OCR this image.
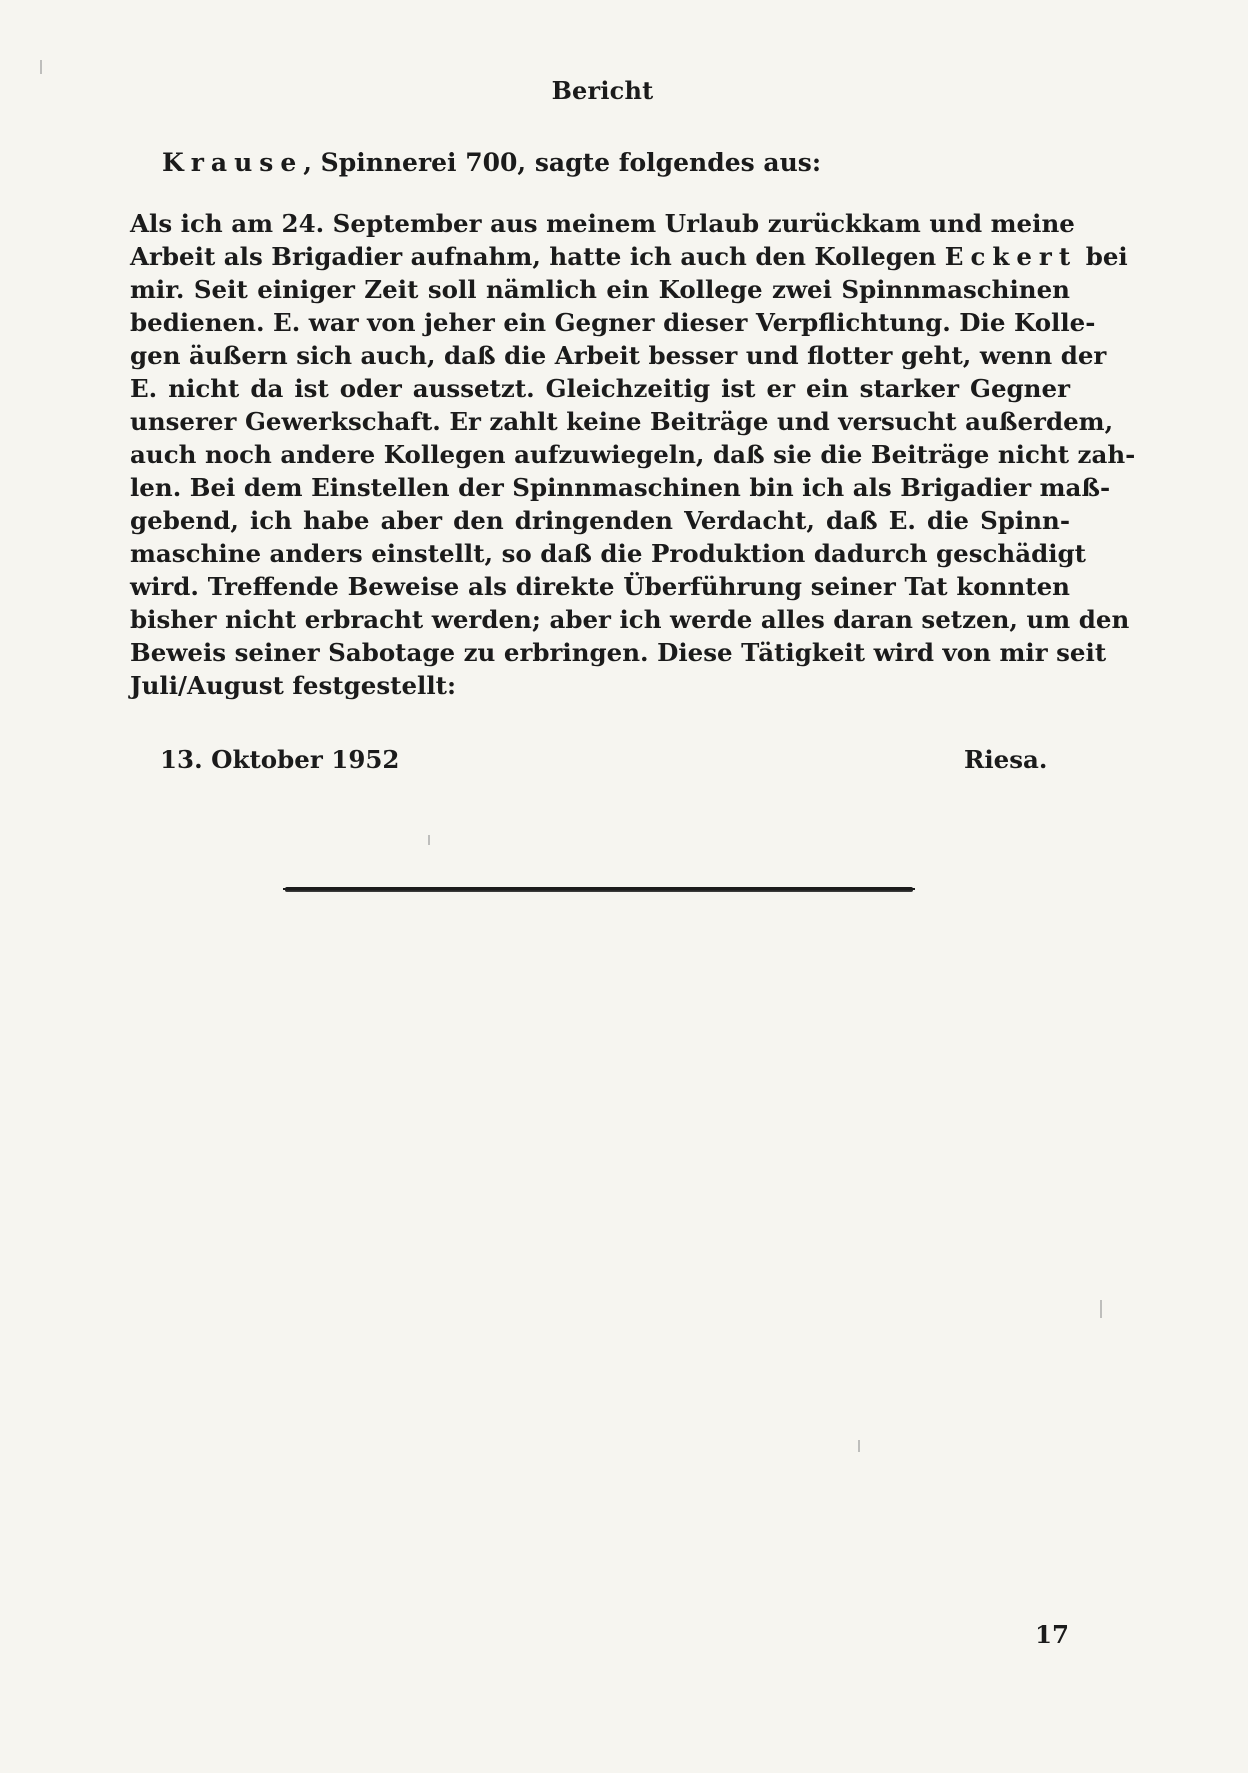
Bericht
Krause, Spinnerei 700, sagte folgendes aus:
Als ich am 24. September aus meinem Urlaub zurückkam und meine
Arbeit als Brigadier aufnahm, hatte ich auch den Kollegen Eckert bei
mir. Seit einiger Zeit soll nämlich ein Kollege zwei Spinnmaschinen
bedienen. E. war von jeher ein Gegner dieser Verpflichtung. Die Kolle-
gen äußern sich auch, daß die Arbeit besser und flotter geht, wenn der
E. nicht da ist oder aussetzt. Gleichzeitig ist er ein starker Gegner
unserer Gewerkschaft. Er zahlt keine Beiträge und versucht außerdem,
auch noch andere Kollegen aufzuwiegeln, daß sie die Beiträge nicht zah-
len. Bei dem Einstellen der Spinnmaschinen bin ich als Brigadier maß-
gebend, ich habe aber den dringenden Verdacht, daß E. die Spinn-
maschine anders einstellt, so daß die Produktion dadurch geschädigt
wird. Treffende Beweise als direkte Überführung seiner Tat konnten
bisher nicht erbracht werden; aber ich werde alles daran setzen, um den
Beweis seiner Sabotage zu erbringen. Diese Tätigkeit wird von mir seit
Juli/August festgestellt:
13. Oktober 1952	Riesa.
17
